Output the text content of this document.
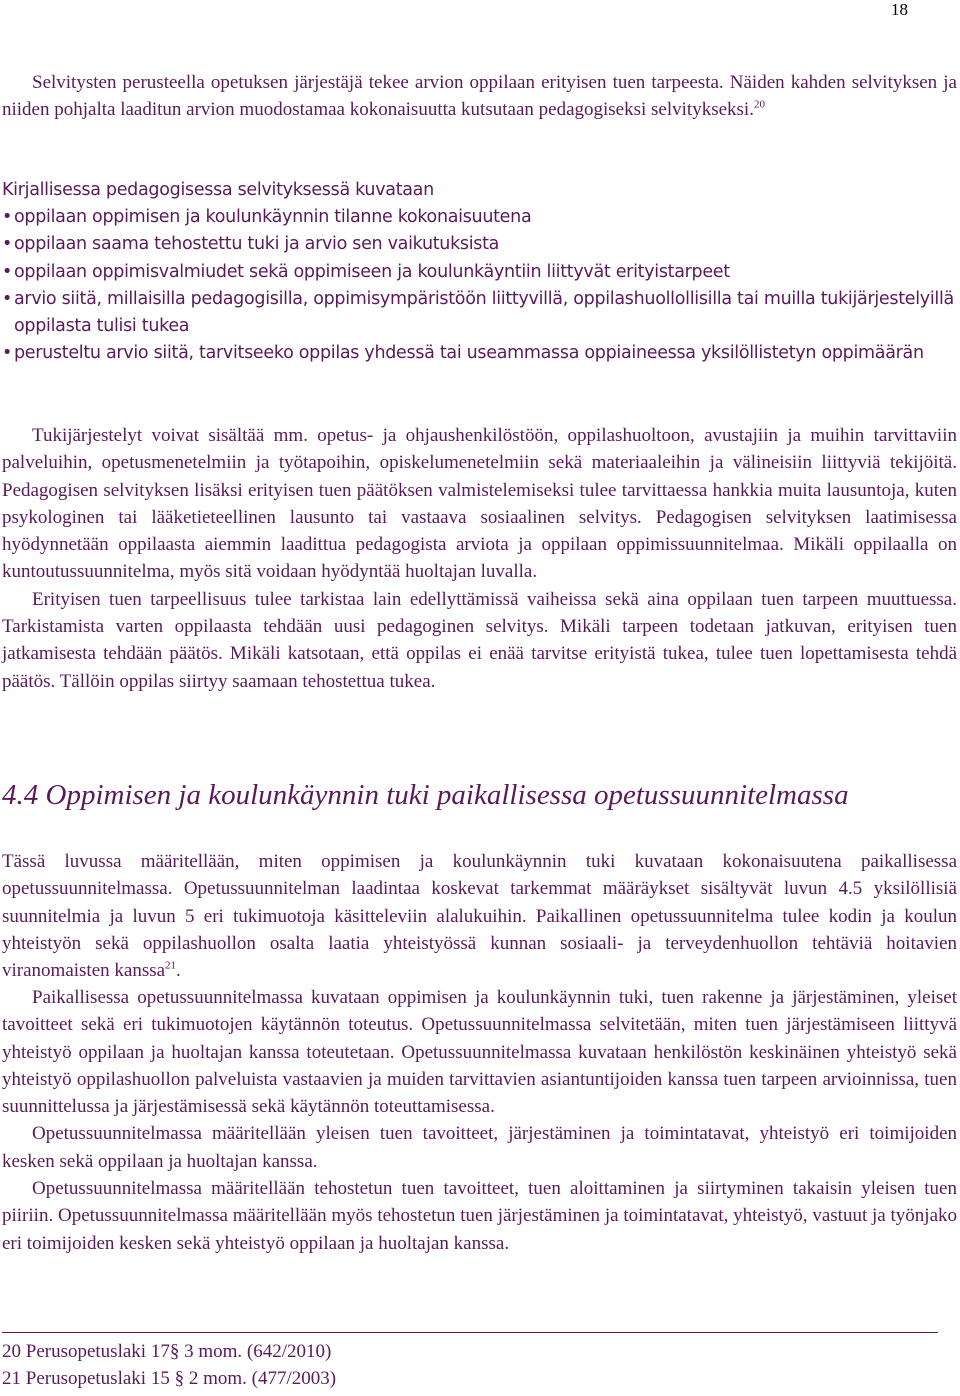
18

Selvitysten perusteella opetuksen järjestäjä tekee arvion oppilaan erityisen tuen tarpeesta. Näiden kahden selvityksen ja niiden pohjalta laaditun arvion muodostamaa kokonaisuutta kutsutaan pedagogiseksi selvitykseksi.$^{20}$

Kirjallisessa pedagogisessa selvityksessä kuvataan

• oppilaan oppimisen ja koulunkäynnin tilanne kokonaisuutena
• oppilaan saama tehostettu tuki ja arvio sen vaikutuksista
• oppilaan oppimisvalmiudet sekä oppimiseen ja koulunkäyntiin liittyvät erityistarpeet
• arvio siitä, millaisilla pedagogisilla, oppimisympäristöön liittyvillä, oppilashuollollisilla tai muilla tukijärjestelyillä oppilasta tulisi tukea
• perusteltu arvio siitä, tarvitseeko oppilas yhdessä tai useammassa oppiaineessa yksilöllistetyn oppimäärän

Tukijärjestelyt voivat sisältää mm. opetus- ja ohjaushenkilöstöön, oppilashuoltoon, avustajiin ja muihin tarvittaviin palveluihin, opetusmenetelmiin ja työtapoihin, opiskelumenetelmiin sekä materiaaleihin ja välineisiin liittyviä tekijöitä. Pedagogisen selvityksen lisäksi erityisen tuen päätöksen valmistelemiseksi tulee tarvittaessa hankkia muita lausuntoja, kuten psykologinen tai lääketieteellinen lausunto tai vastaava sosiaalinen selvitys. Pedagogisen selvityksen laatimisessa hyödynnetään oppilaasta aiemmin laadittua pedagogista arviota ja oppilaan oppimissuunnitelmaa. Mikäli oppilaalla on kuntoutussuunnitelma, myös sitä voidaan hyödyntää huoltajan luvalla.

Erityisen tuen tarpeellisuus tulee tarkistaa lain edellyttämissä vaiheissa sekä aina oppilaan tuen tarpeen muuttuessa. Tarkistamista varten oppilaasta tehdään uusi pedagoginen selvitys. Mikäli tarpeen todetaan jatkuvan, erityisen tuen jatkamisesta tehdään päätös. Mikäli katsotaan, että oppilas ei enää tarvitse erityistä tukea, tulee tuen lopettamisesta tehdä päätös. Tällöin oppilas siirtyy saamaan tehostettua tukea.

4.4 Oppimisen ja koulunkäynnin tuki paikallisessa opetussuunnitelmassa

Tässä luvussa määritellään, miten oppimisen ja koulunkäynnin tuki kuvataan kokonaisuutena paikallisessa opetussuunnitelmassa. Opetussuunnitelman laadintaa koskevat tarkemmat määräykset sisältyvät luvun 4.5 yksilöllisiä suunnitelmia ja luvun 5 eri tukimuotoja käsitteleviin alalukuihin. Paikallinen opetussuunnitelma tulee kodin ja koulun yhteistyön sekä oppilashuollon osalta laatia yhteistyössä kunnan sosiaali- ja terveydenhuollon tehtäviä hoitavien viranomaisten kanssa$^{21}$.

Paikallisessa opetussuunnitelmassa kuvataan oppimisen ja koulunkäynnin tuki, tuen rakenne ja järjestäminen, yleiset tavoitteet sekä eri tukimuotojen käytännön toteutus. Opetussuunnitelmassa selvitetään, miten tuen järjestämiseen liittyvä yhteistyö oppilaan ja huoltajan kanssa toteutetaan. Opetussuunnitelmassa kuvataan henkilöstön keskinäinen yhteistyö sekä yhteistyö oppilashuollon palveluista vastaavien ja muiden tarvittavien asiantuntijoiden kanssa tuen tarpeen arvioinnissa, tuen suunnittelussa ja järjestämisessä sekä käytännön toteuttamisessa.

Opetussuunnitelmassa määritellään yleisen tuen tavoitteet, järjestäminen ja toimintatavat, yhteistyö eri toimijoiden kesken sekä oppilaan ja huoltajan kanssa.

Opetussuunnitelmassa määritellään tehostetun tuen tavoitteet, tuen aloittaminen ja siirtyminen takaisin yleisen tuen piiriin. Opetussuunnitelmassa määritellään myös tehostetun tuen järjestäminen ja toimintatavat, yhteistyö, vastuut ja työnjako eri toimijoiden kesken sekä yhteistyö oppilaan ja huoltajan kanssa.

20 Perusopetuslaki 17§ 3 mom. (642/2010)
21 Perusopetuslaki 15 § 2 mom. (477/2003)
